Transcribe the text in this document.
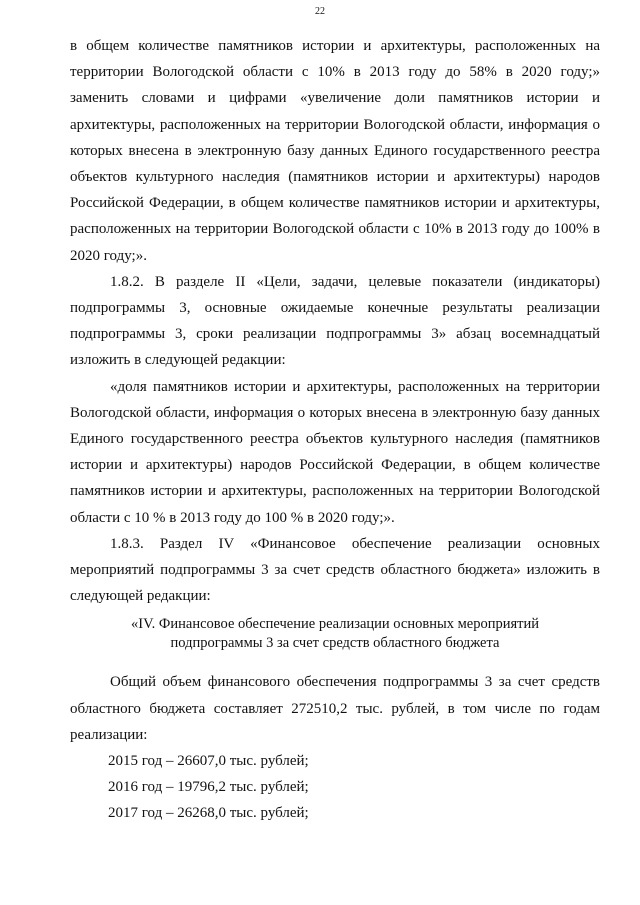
22

в общем количестве памятников истории и архитектуры, расположенных на территории Вологодской области с 10% в 2013 году до 58% в 2020 году;» заменить словами и цифрами «увеличение доли памятников истории и архитектуры, расположенных на территории Вологодской области, информация о которых внесена в электронную базу данных Единого государственного реестра объектов культурного наследия (памятников истории и архитектуры) народов Российской Федерации, в общем количестве памятников истории и архитектуры, расположенных на территории Вологодской области с 10% в 2013 году до 100% в 2020 году;».

1.8.2. В разделе II «Цели, задачи, целевые показатели (индикаторы) подпрограммы 3, основные ожидаемые конечные результаты реализации подпрограммы 3, сроки реализации подпрограммы 3» абзац восемнадцатый изложить в следующей редакции:

«доля памятников истории и архитектуры, расположенных на территории Вологодской области, информация о которых внесена в электронную базу данных Единого государственного реестра объектов культурного наследия (памятников истории и архитектуры) народов Российской Федерации, в общем количестве памятников истории и архитектуры, расположенных на территории Вологодской области с 10 % в 2013 году до 100 % в 2020 году;».

1.8.3. Раздел IV «Финансовое обеспечение реализации основных мероприятий подпрограммы 3 за счет средств областного бюджета» изложить в следующей редакции:

«IV. Финансовое обеспечение реализации основных мероприятий
подпрограммы 3 за счет средств областного бюджета

Общий объем финансового обеспечения подпрограммы 3 за счет средств областного бюджета составляет 272510,2 тыс. рублей, в том числе по годам реализации:

2015 год – 26607,0 тыс. рублей;

2016 год – 19796,2 тыс. рублей;

2017 год – 26268,0 тыс. рублей;
